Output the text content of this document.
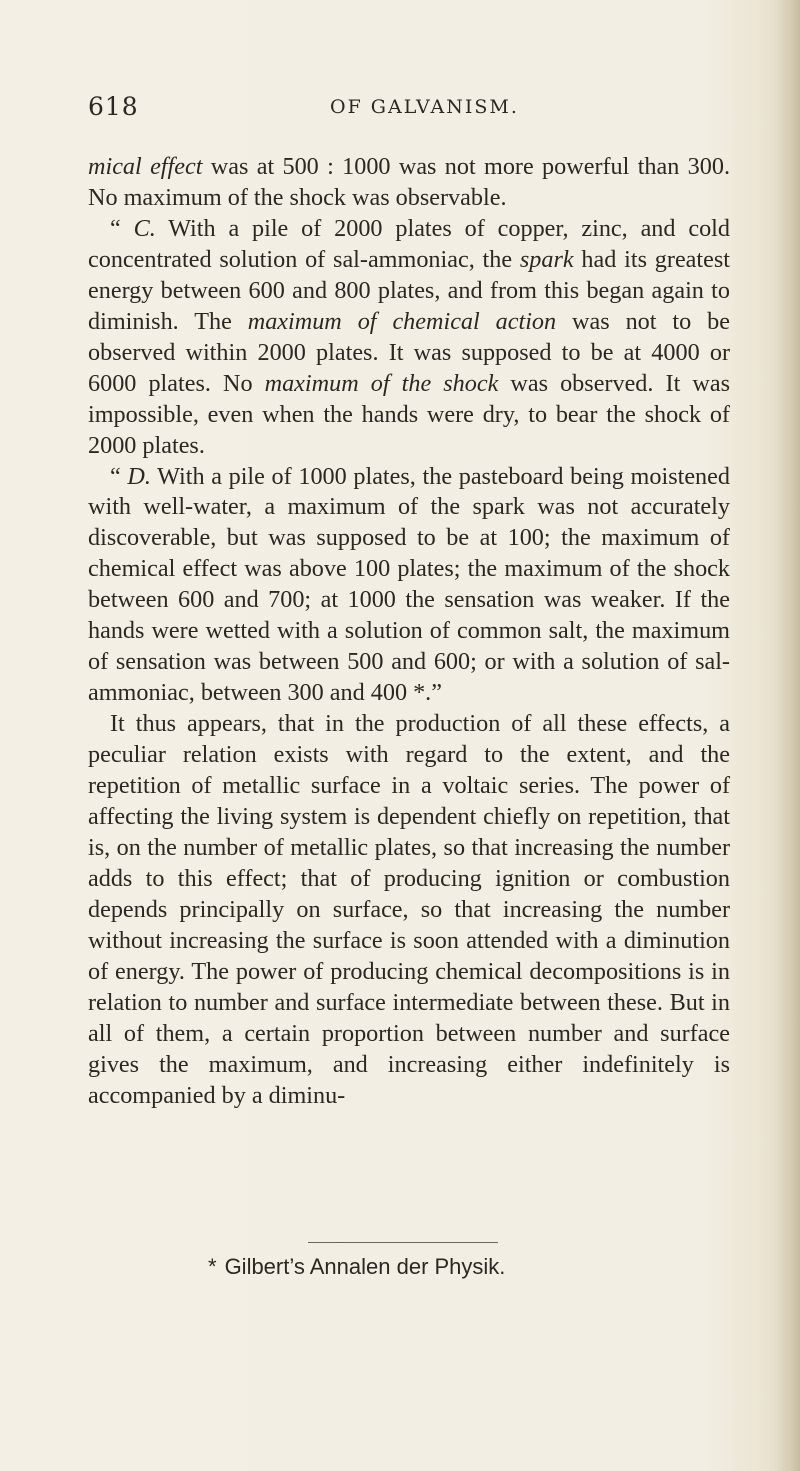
618	OF GALVANISM.

mical effect was at 500 : 1000 was not more powerful than 300. No maximum of the shock was observable.

“ C. With a pile of 2000 plates of copper, zinc, and cold concentrated solution of sal-ammoniac, the spark had its greatest energy between 600 and 800 plates, and from this began again to diminish. The maximum of chemical action was not to be observed within 2000 plates. It was supposed to be at 4000 or 6000 plates. No maximum of the shock was observed. It was impossible, even when the hands were dry, to bear the shock of 2000 plates.

“ D. With a pile of 1000 plates, the pasteboard being moistened with well-water, a maximum of the spark was not accurately discoverable, but was supposed to be at 100; the maximum of chemical effect was above 100 plates; the maximum of the shock between 600 and 700; at 1000 the sensation was weaker. If the hands were wetted with a solution of common salt, the maximum of sensation was between 500 and 600; or with a solution of sal-ammoniac, between 300 and 400 *.”

It thus appears, that in the production of all these effects, a peculiar relation exists with regard to the extent, and the repetition of metallic surface in a voltaic series. The power of affecting the living system is dependent chiefly on repetition, that is, on the number of metallic plates, so that increasing the number adds to this effect; that of producing ignition or combustion depends principally on surface, so that increasing the number without increasing the surface is soon attended with a diminution of energy. The power of producing chemical decompositions is in relation to number and surface intermediate between these. But in all of them, a certain proportion between number and surface gives the maximum, and increasing either indefinitely is accompanied by a diminu-

* Gilbert’s Annalen der Physik.
